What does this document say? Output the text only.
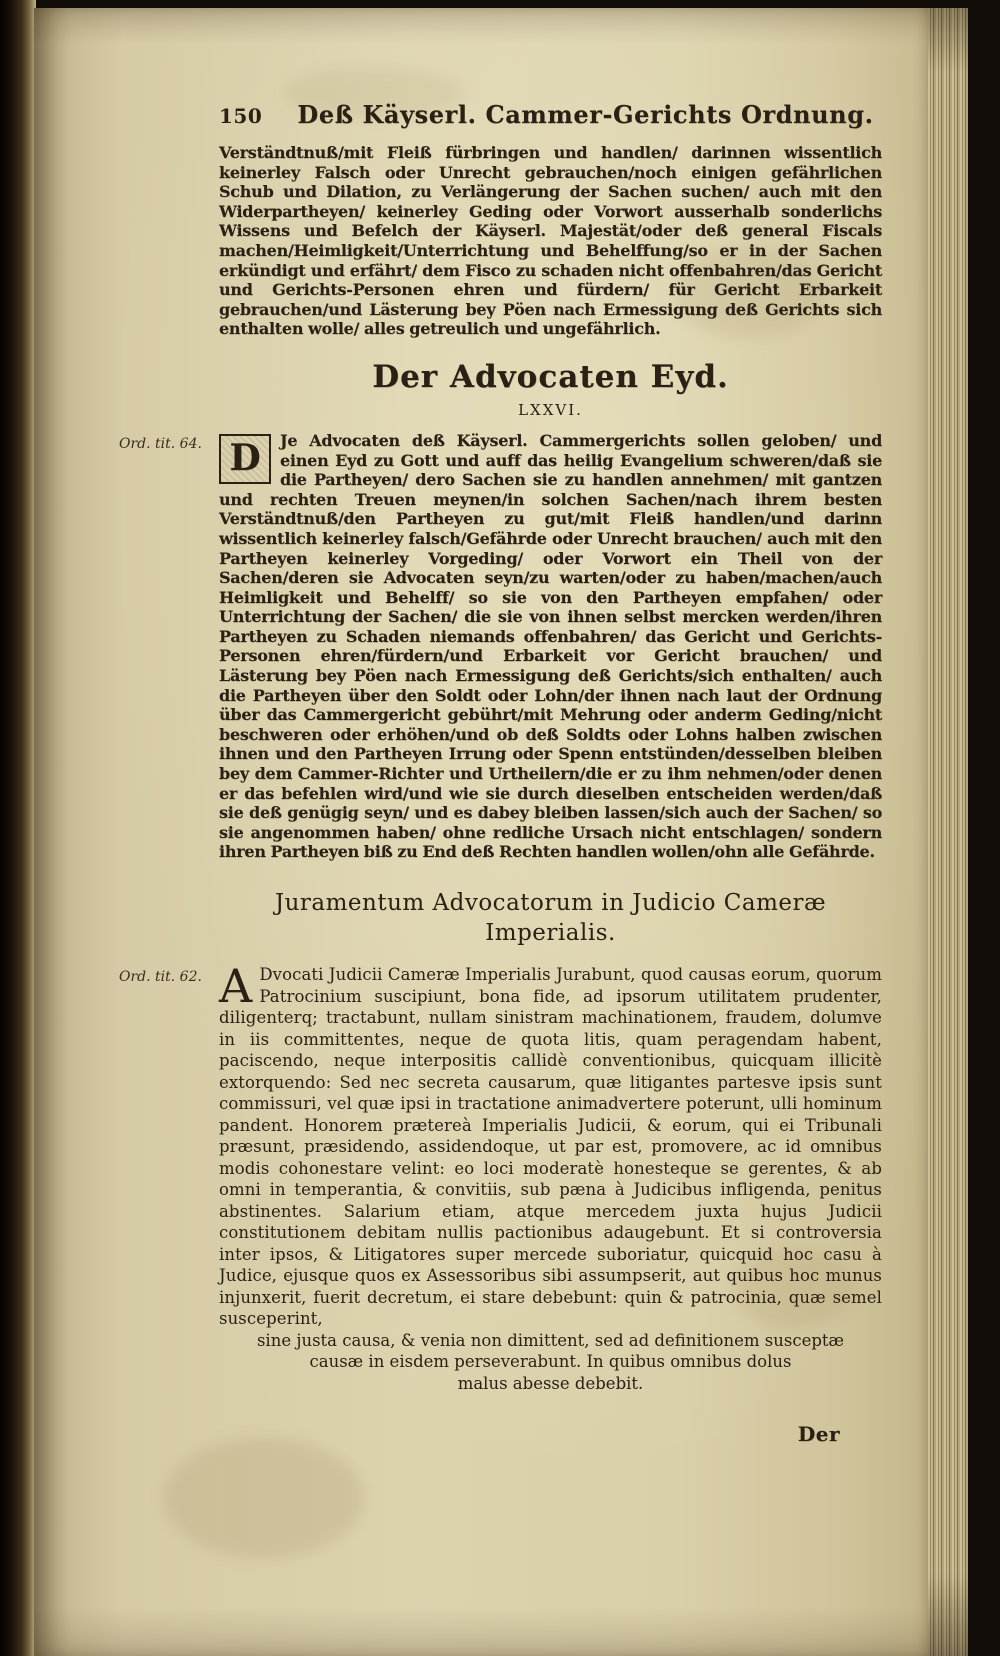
150	Deß Käyserl. Cammer-Gerichts Ordnung.

Verständtnuß/mit Fleiß fürbringen und handlen/ darinnen wissentlich keinerley Falsch oder Unrecht gebrauchen/noch einigen gefährlichen Schub und Dilation, zu Verlängerung der Sachen suchen/ auch mit den Widerpartheyen/ keinerley Geding oder Vorwort ausserhalb sonderlichs Wissens und Befelch der Käyserl. Majestät/oder deß general Fiscals machen/Heimligkeit/Unterrichtung und Behelffung/so er in der Sachen erkündigt und erfährt/ dem Fisco zu schaden nicht offenbahren/das Gericht und Gerichts-Personen ehren und fürdern/ für Gericht Erbarkeit gebrauchen/und Lästerung bey Pöen nach Ermessigung deß Gerichts sich enthalten wolle/ alles getreulich und ungefährlich.

Der Advocaten Eyd.
LXXVI.
Ord. tit. 64. D Je Advocaten deß Käyserl. Cammergerichts sollen geloben/ und einen Eyd zu Gott und auff das heilig Evangelium schweren/daß sie die Partheyen/ dero Sachen sie zu handlen annehmen/ mit gantzen und rechten Treuen meynen/in solchen Sachen/nach ihrem besten Verständtnuß/den Partheyen zu gut/mit Fleiß handlen/und darinn wissentlich keinerley falsch/Gefährde oder Unrecht brauchen/ auch mit den Partheyen keinerley Vorgeding/ oder Vorwort ein Theil von der Sachen/deren sie Advocaten seyn/zu warten/oder zu haben/machen/auch Heimligkeit und Behelff/ so sie von den Partheyen empfahen/ oder Unterrichtung der Sachen/ die sie von ihnen selbst mercken werden/ihren Partheyen zu Schaden niemands offenbahren/ das Gericht und Gerichts-Personen ehren/fürdern/und Erbarkeit vor Gericht brauchen/ und Lästerung bey Pöen nach Ermessigung deß Gerichts/sich enthalten/ auch die Partheyen über den Soldt oder Lohn/der ihnen nach laut der Ordnung über das Cammergericht gebührt/mit Mehrung oder anderm Geding/nicht beschweren oder erhöhen/und ob deß Soldts oder Lohns halben zwischen ihnen und den Partheyen Irrung oder Spenn entstünden/desselben bleiben bey dem Cammer-Richter und Urtheilern/die er zu ihm nehmen/oder denen er das befehlen wird/und wie sie durch dieselben entscheiden werden/daß sie deß genügig seyn/ und es dabey bleiben lassen/sich auch der Sachen/ so sie angenommen haben/ ohne redliche Ursach nicht entschlagen/ sondern ihren Partheyen biß zu End deß Rechten handlen wollen/ohn alle Gefährde.

Juramentum Advocatorum in Judicio Cameræ
Imperialis.
Ord. tit. 62. A Dvocati Judicii Cameræ Imperialis Jurabunt, quod causas eorum, quorum Patrocinium suscipiunt, bona fide, ad ipsorum utilitatem prudenter, diligenterq; tractabunt, nullam sinistram machinationem, fraudem, dolumve in iis committentes, neque de quota litis, quam peragendam habent, paciscendo, neque interpositis callidè conventionibus, quicquam illicitè extorquendo: Sed nec secreta causarum, quæ litigantes partesve ipsis sunt commissuri, vel quæ ipsi in tractatione animadvertere poterunt, ulli hominum pandent. Honorem prætereà Imperialis Judicii, & eorum, qui ei Tribunali præsunt, præsidendo, assidendoque, ut par est, promovere, ac id omnibus modis cohonestare velint: eo loci moderatè honesteque se gerentes, & ab omni in temperantia, & convitiis, sub pæna à Judicibus infligenda, penitus abstinentes. Salarium etiam, atque mercedem juxta hujus Judicii constitutionem debitam nullis pactionibus adaugebunt. Et si controversia inter ipsos, & Litigatores super mercede suboriatur, quicquid hoc casu à Judice, ejusque quos ex Assessoribus sibi assumpserit, aut quibus hoc munus injunxerit, fuerit decretum, ei stare debebunt: quin & patrocinia, quæ semel susceperint,

sine justa causa, & venia non dimittent, sed ad definitionem susceptæ
causæ in eisdem perseverabunt. In quibus omnibus dolus
malus abesse debebit.
Der
